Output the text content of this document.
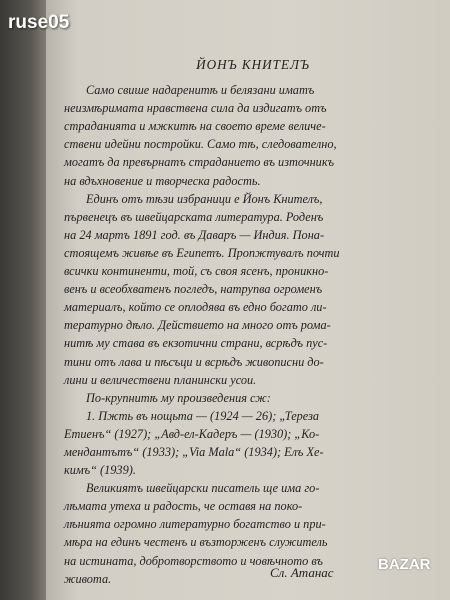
ruse05
ЙОНЪ КНИТЕЛЪ
Само свише надаренитѣ и белязани иматъ
неизмѣримата нравствена сила да издигатъ отъ
страданията и мжкитѣ на своето време величе-
ствени идейни постройки. Само тѣ, следователно,
могатъ да превърнатъ страданието въ източникъ
на вдъхновение и творческа радость.
Единъ отъ тѣзи избраници е Йонъ Кнителъ,
първенецъ въ швейцарската литература. Роденъ
на 24 мартъ 1891 год. въ Даваръ — Индия. Пона-
стоящемъ живѣе въ Египетъ. Пропжтувалъ почти
всички континенти, той, съ своя ясенъ, проникно-
венъ и всеобхватенъ погледъ, натрупва огроменъ
материалъ, който се оплодява въ едно богато ли-
тературно дѣло. Действието на много отъ рома-
нитѣ му става въ екзотични страни, всрѣдъ пус-
тини отъ лава и пѣсъци и всрѣдъ живописни до-
лини и величествени планински усои.
По-крупнитѣ му произведения сж:
1. Пжть въ нощьта — (1924 — 26); „Тереза
Етиенъ“ (1927); „Авд-ел-Кадеръ — (1930); „Ко-
мендантътъ“ (1933); „Via Mala“ (1934); Елъ Хе-
кимъ“ (1939).
Великиятъ швейцарски писатель ще има го-
лѣмата утеха и радость, че оставя на поко-
лѣнията огромно литературно богатство и при-
мѣра на единъ честенъ и възторженъ служитель
на истината, добротворството и човѣчното въ
живота.	Сл. Атанас	BAZAR
